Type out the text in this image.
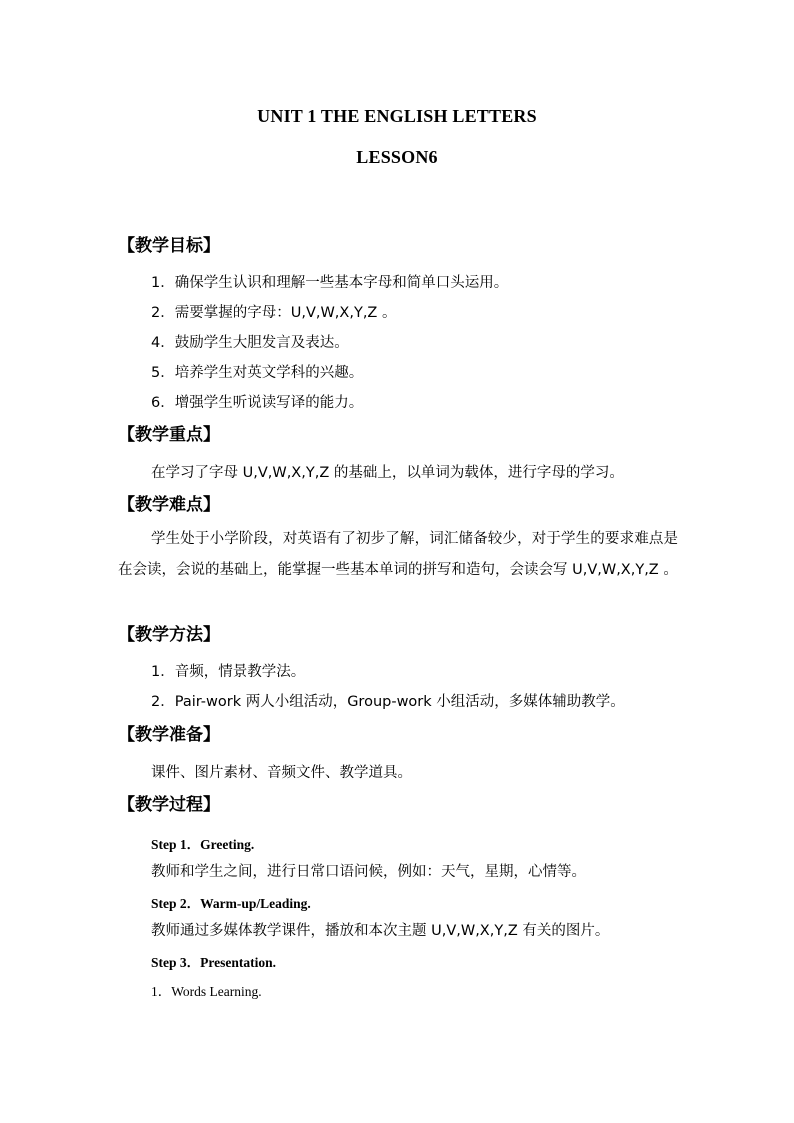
UNIT 1 THE ENGLISH LETTERS
LESSON6
【教学目标】
1．确保学生认识和理解一些基本字母和简单口头运用。
2．需要掌握的字母：U,V,W,X,Y,Z 。
4．鼓励学生大胆发言及表达。
5．培养学生对英文学科的兴趣。
6．增强学生听说读写译的能力。
【教学重点】
在学习了字母 U,V,W,X,Y,Z 的基础上，以单词为载体，进行字母的学习。
【教学难点】
学生处于小学阶段，对英语有了初步了解，词汇储备较少，对于学生的要求难点是在会读，会说的基础上，能掌握一些基本单词的拼写和造句，会读会写 U,V,W,X,Y,Z 。
【教学方法】
1．音频，情景教学法。
2．Pair-work 两人小组活动，Group-work 小组活动，多媒体辅助教学。
【教学准备】
课件、图片素材、音频文件、教学道具。
【教学过程】
Step 1．Greeting.
教师和学生之间，进行日常口语问候，例如：天气，星期，心情等。
Step 2．Warm-up/Leading.
教师通过多媒体教学课件，播放和本次主题 U,V,W,X,Y,Z 有关的图片。
Step 3．Presentation.
1．Words Learning.
